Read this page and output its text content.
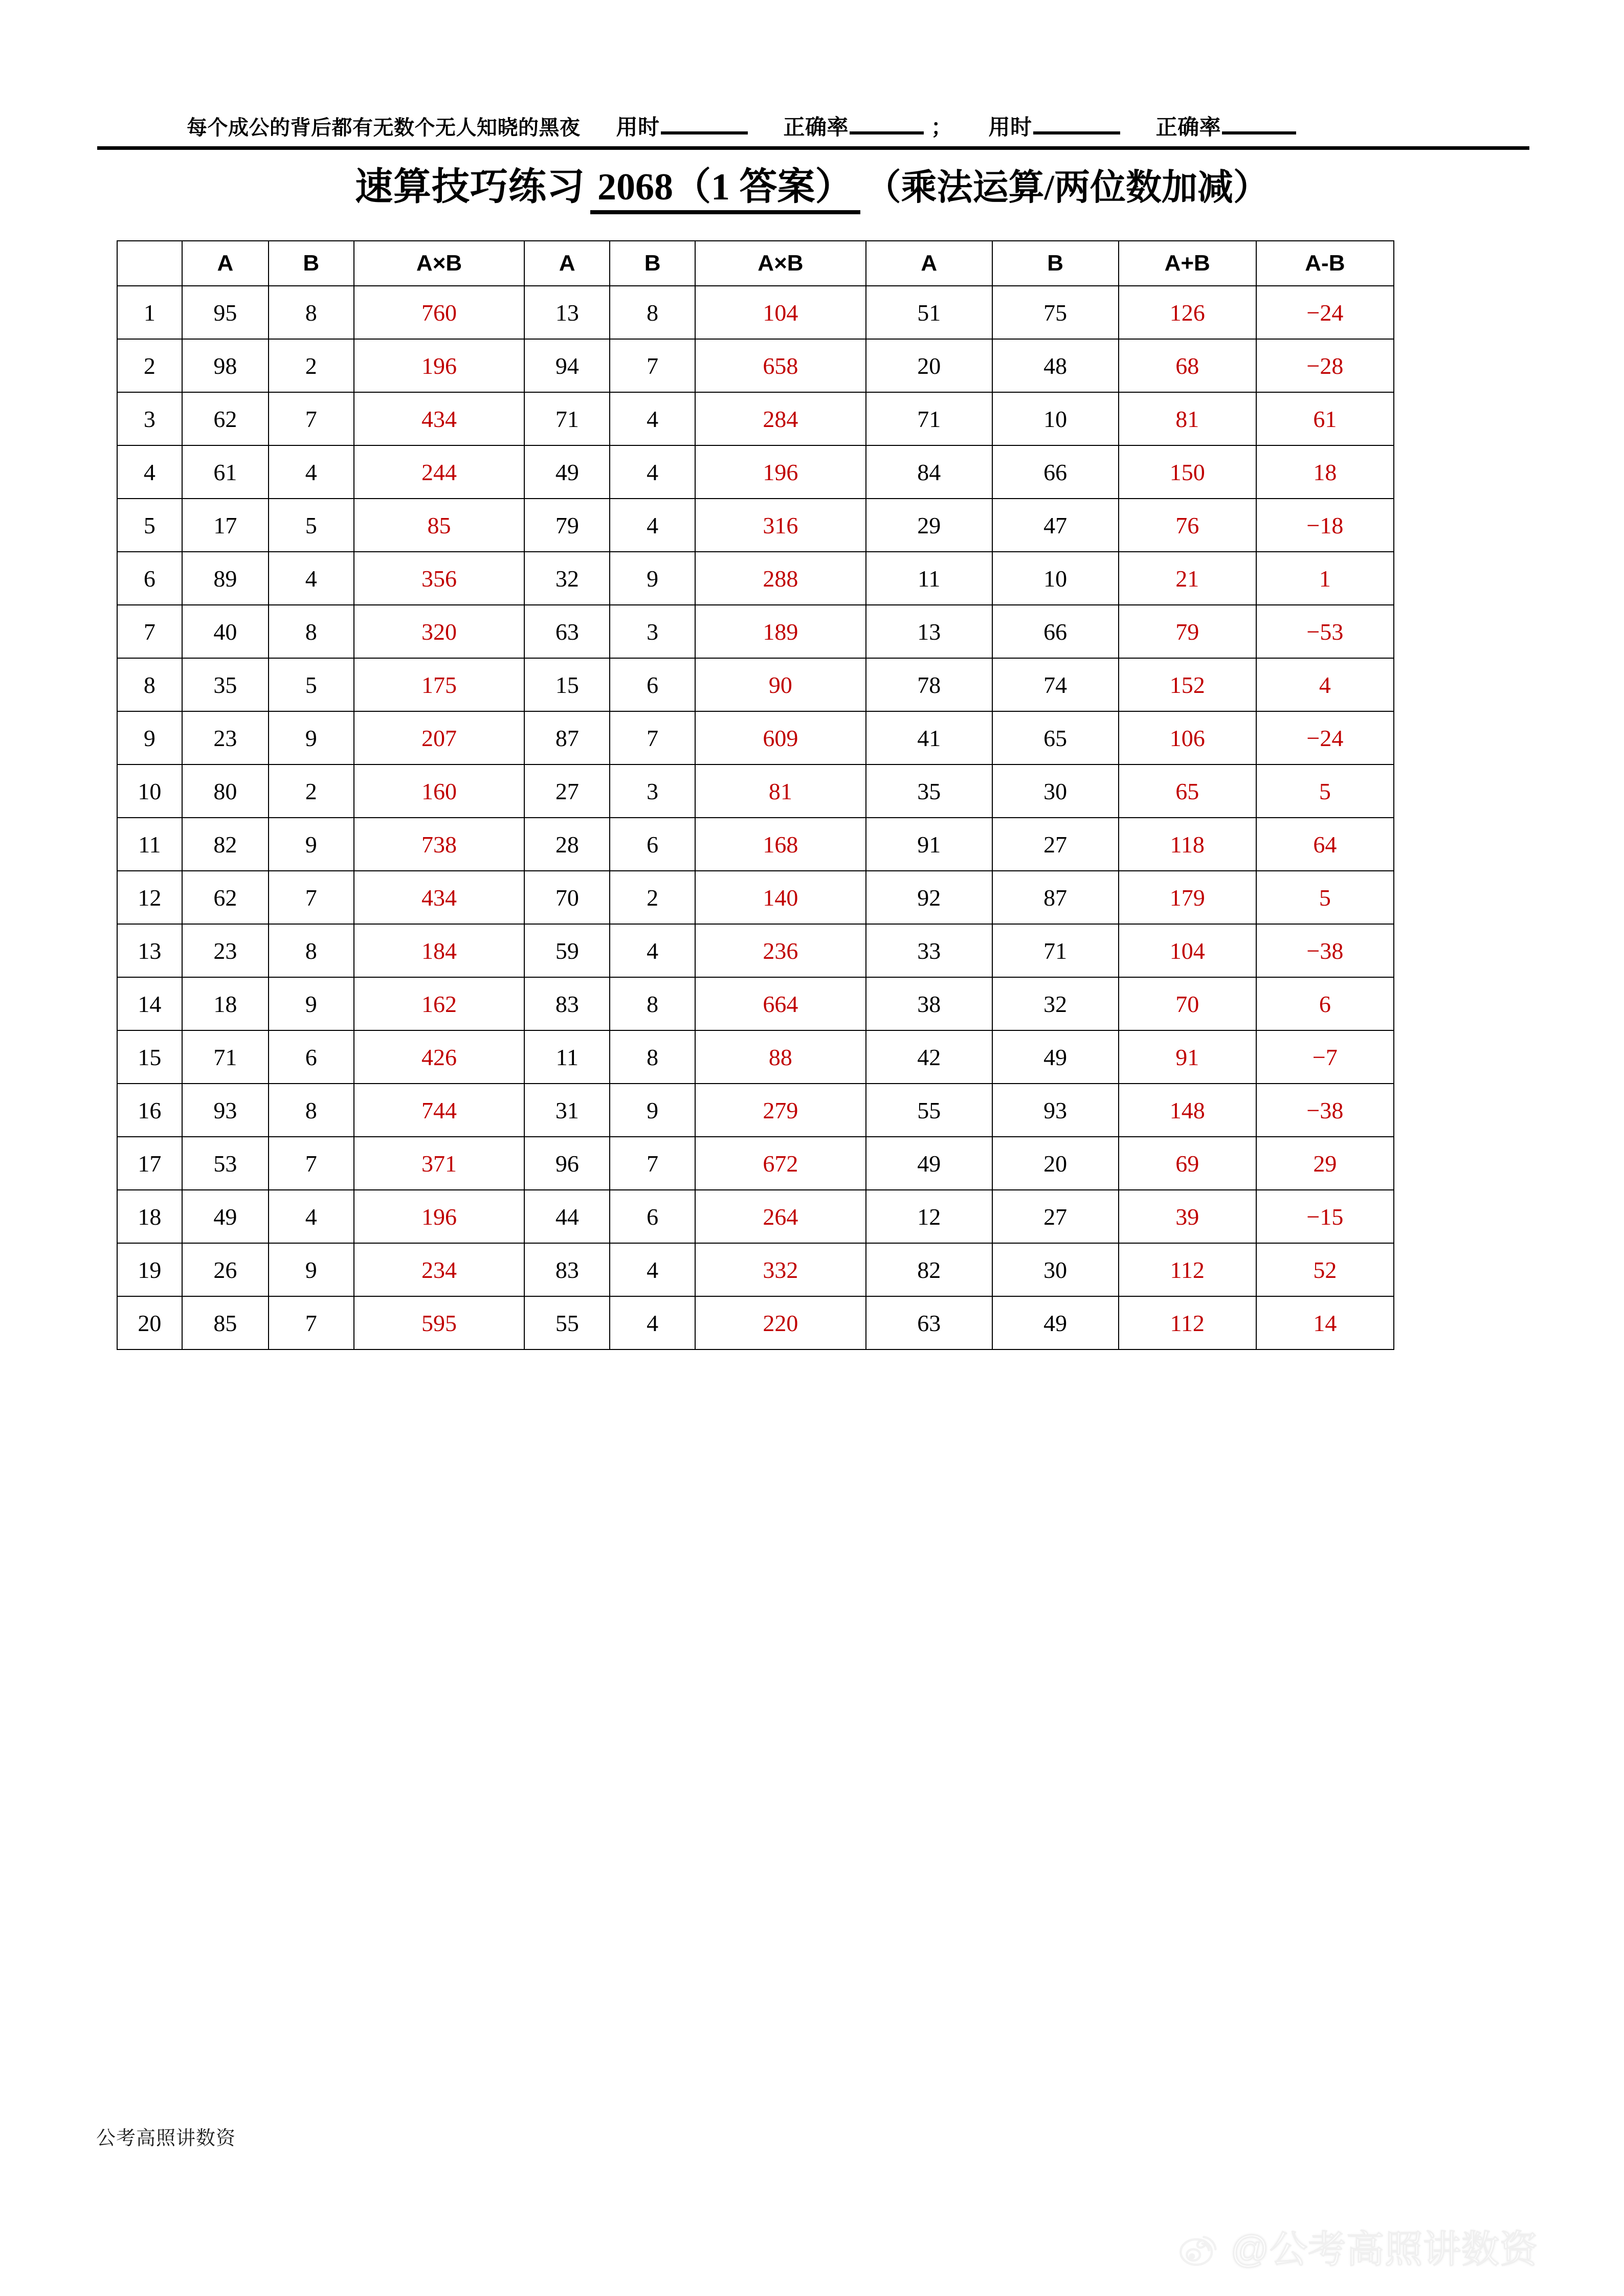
每个成公的背后都有无数个无人知晓的黑夜 用时	正确率	； 用时	正确率
速算技巧练习 2068（1 答案） （乘法运算/两位数加减）
	A	B	A×B	A	B	A×B	A	B	A+B	A-B
1	95	8	760	13	8	104	51	75	126	−24
2	98	2	196	94	7	658	20	48	68	−28
3	62	7	434	71	4	284	71	10	81	61
4	61	4	244	49	4	196	84	66	150	18
5	17	5	85	79	4	316	29	47	76	−18
6	89	4	356	32	9	288	11	10	21	1
7	40	8	320	63	3	189	13	66	79	−53
8	35	5	175	15	6	90	78	74	152	4
9	23	9	207	87	7	609	41	65	106	−24
10	80	2	160	27	3	81	35	30	65	5
11	82	9	738	28	6	168	91	27	118	64
12	62	7	434	70	2	140	92	87	179	5
13	23	8	184	59	4	236	33	71	104	−38
14	18	9	162	83	8	664	38	32	70	6
15	71	6	426	11	8	88	42	49	91	−7
16	93	8	744	31	9	279	55	93	148	−38
17	53	7	371	96	7	672	49	20	69	29
18	49	4	196	44	6	264	12	27	39	−15
19	26	9	234	83	4	332	82	30	112	52
20	85	7	595	55	4	220	63	49	112	14
公考高照讲数资
@公考高照讲数资
